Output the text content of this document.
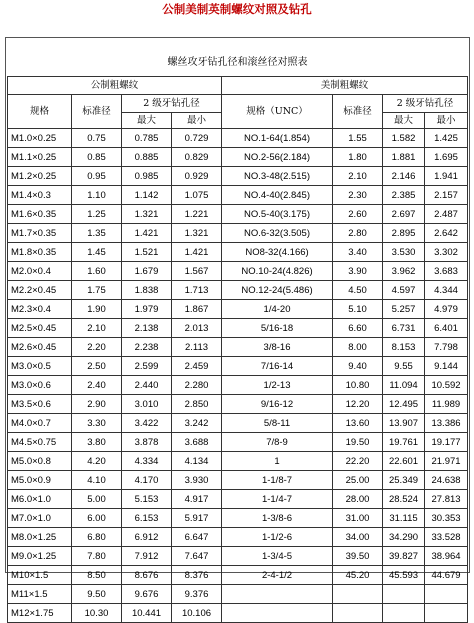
公制美制英制螺纹对照及钻孔
螺丝攻牙钻孔径和滚丝径对照表
公制粗螺纹				美制粗螺纹			
规格	标准径	2 级牙钻孔径		规格（UNC）	标准径	2 级牙钻孔径	
		最大	最小			最大	最小
M1.0×0.25	0.75	0.785	0.729	NO.1-64(1.854)	1.55	1.582	1.425
M1.1×0.25	0.85	0.885	0.829	NO.2-56(2.184)	1.80	1.881	1.695
M1.2×0.25	0.95	0.985	0.929	NO.3-48(2.515)	2.10	2.146	1.941
M1.4×0.3	1.10	1.142	1.075	NO.4-40(2.845)	2.30	2.385	2.157
M1.6×0.35	1.25	1.321	1.221	NO.5-40(3.175)	2.60	2.697	2.487
M1.7×0.35	1.35	1.421	1.321	NO.6-32(3.505)	2.80	2.895	2.642
M1.8×0.35	1.45	1.521	1.421	NO8-32(4.166)	3.40	3.530	3.302
M2.0×0.4	1.60	1.679	1.567	NO.10-24(4.826)	3.90	3.962	3.683
M2.2×0.45	1.75	1.838	1.713	NO.12-24(5.486)	4.50	4.597	4.344
M2.3×0.4	1.90	1.979	1.867	1/4-20	5.10	5.257	4.979
M2.5×0.45	2.10	2.138	2.013	5/16-18	6.60	6.731	6.401
M2.6×0.45	2.20	2.238	2.113	3/8-16	8.00	8.153	7.798
M3.0×0.5	2.50	2.599	2.459	7/16-14	9.40	9.55	9.144
M3.0×0.6	2.40	2.440	2.280	1/2-13	10.80	11.094	10.592
M3.5×0.6	2.90	3.010	2.850	9/16-12	12.20	12.495	11.989
M4.0×0.7	3.30	3.422	3.242	5/8-11	13.60	13.907	13.386
M4.5×0.75	3.80	3.878	3.688	7/8-9	19.50	19.761	19.177
M5.0×0.8	4.20	4.334	4.134	1	22.20	22.601	21.971
M5.0×0.9	4.10	4.170	3.930	1-1/8-7	25.00	25.349	24.638
M6.0×1.0	5.00	5.153	4.917	1-1/4-7	28.00	28.524	27.813
M7.0×1.0	6.00	6.153	5.917	1-3/8-6	31.00	31.115	30.353
M8.0×1.25	6.80	6.912	6.647	1-1/2-6	34.00	34.290	33.528
M9.0×1.25	7.80	7.912	7.647	1-3/4-5	39.50	39.827	38.964
M10×1.5	8.50	8.676	8.376	2-4-1/2	45.20	45.593	44.679
M11×1.5	9.50	9.676	9.376				
M12×1.75	10.30	10.441	10.106				
